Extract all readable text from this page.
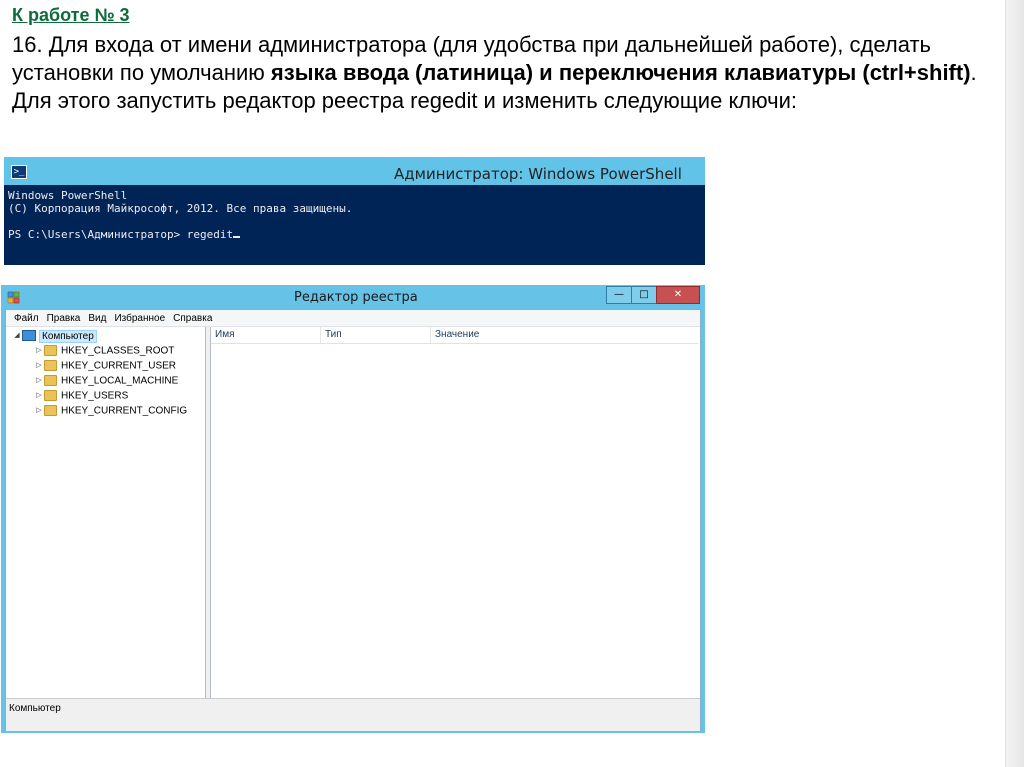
К работе № 3

16. Для входа от имени администратора (для удобства при дальнейшей работе), сделать установки по умолчанию языка ввода (латиница) и переключения клавиатуры (ctrl+shift). Для этого запустить редактор реестра regedit и изменить следующие ключи:

>_	Администратор: Windows PowerShell
Windows PowerShell
(C) Корпорация Майкрософт, 2012. Все права защищены.

PS C:\Users\Администратор> regedit
Редактор реестра	—	□	✕
Файл Правка Вид Избранное Справка
◢ Компьютер
▷ HKEY_CLASSES_ROOT
▷ HKEY_CURRENT_USER
▷ HKEY_LOCAL_MACHINE
▷ HKEY_USERS
▷ HKEY_CURRENT_CONFIG
Имя	Тип	Значение
Компьютер
